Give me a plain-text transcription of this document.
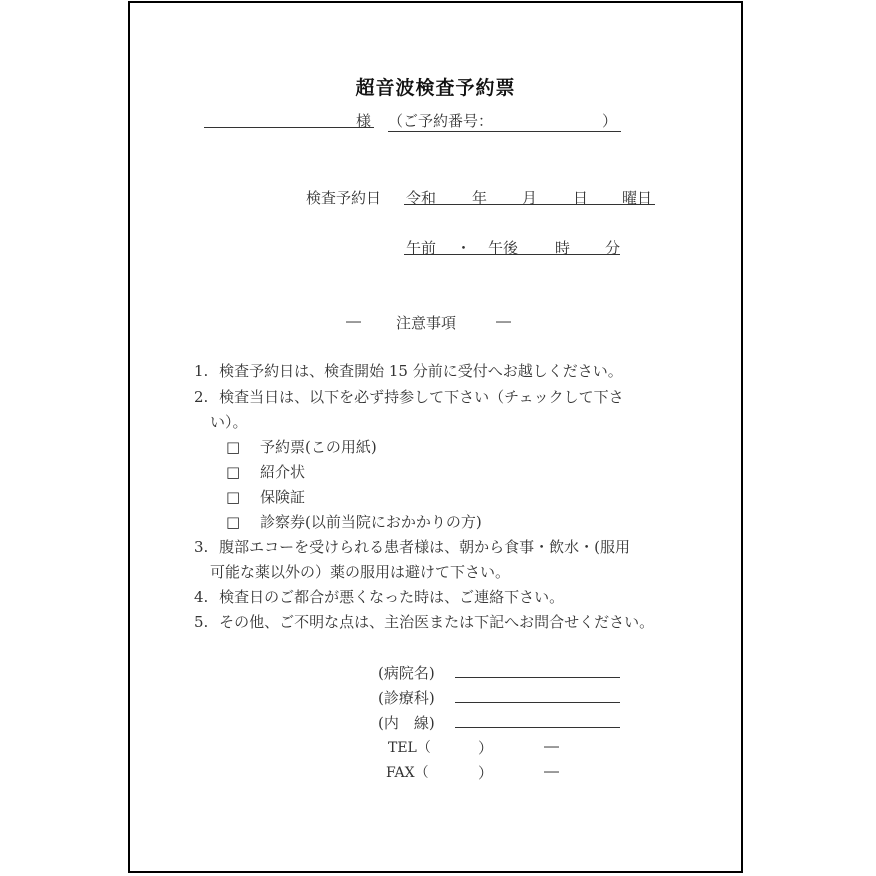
超音波検査予約票
様 （ご予約番号：	）
検査予約日 令和 年 月 日 曜日
午前 ・ 午後 時 分
― 注意事項	―
1. 検査予約日は、検査開始 15 分前に受付へお越しください。
2. 検査当日は、以下を必ず持参して下さい（チェックして下さ
い）。
□ 予約票(この用紙)
□ 紹介状
□ 保険証
□ 診察券(以前当院におかかりの方)
3. 腹部エコーを受けられる患者様は、朝から食事・飲水・(服用
可能な薬以外の）薬の服用は避けて下さい。
4. 検査日のご都合が悪くなった時は、ご連絡下さい。
5. その他、ご不明な点は、主治医または下記へお問合せください。
(病院名)
(診療科)
(内　線)
TEL（	）	―
FAX（	）	―
